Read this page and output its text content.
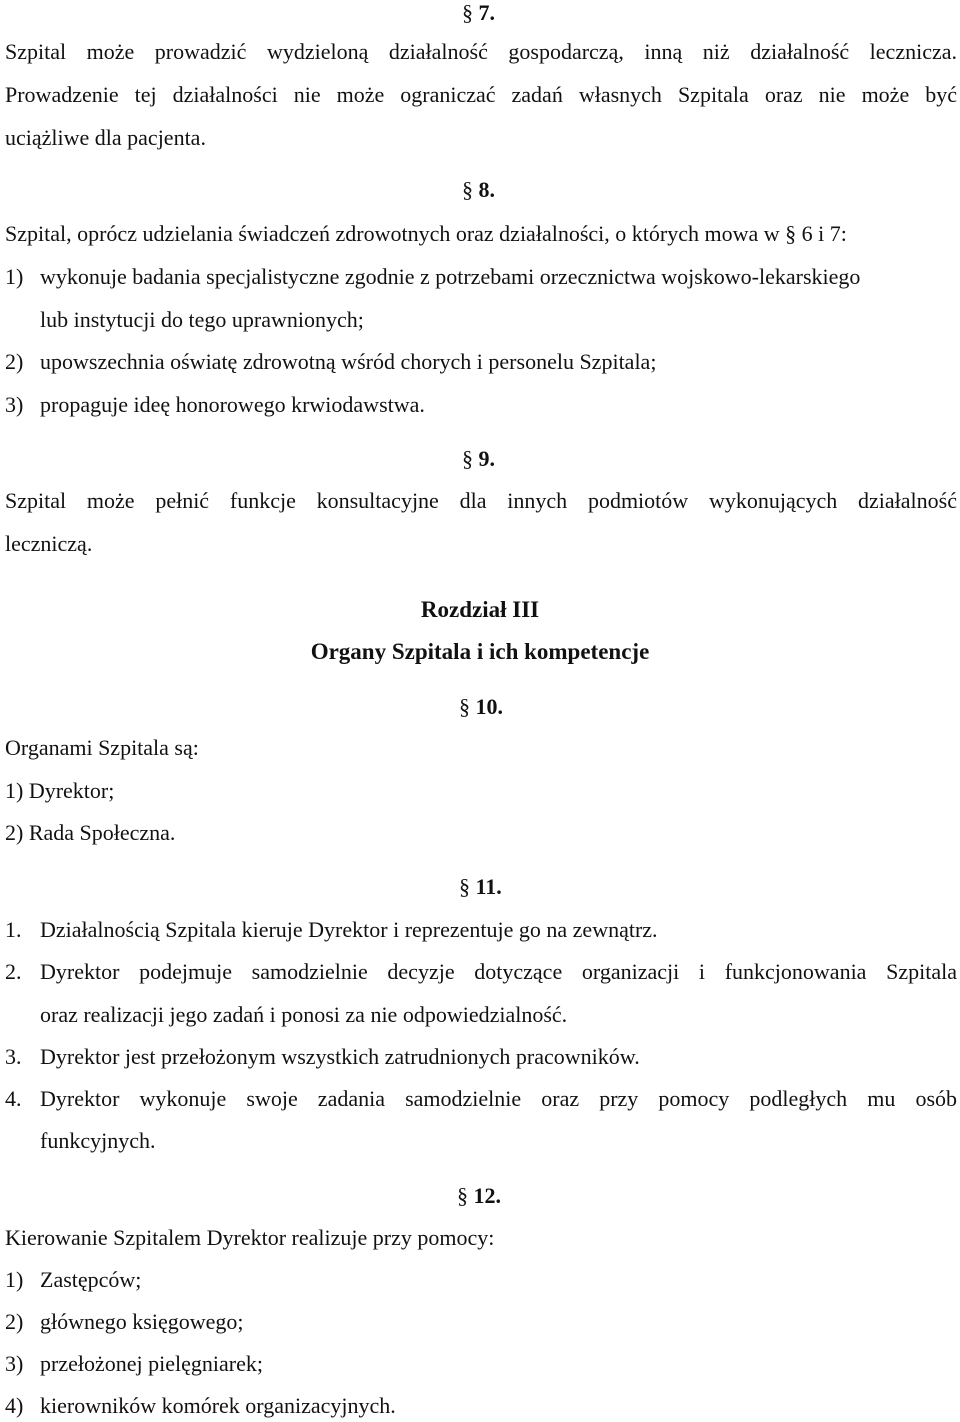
§ 7.
Szpital może prowadzić wydzieloną działalność gospodarczą, inną niż działalność lecznicza.
Prowadzenie tej działalności nie może ograniczać zadań własnych Szpitala oraz nie może być
uciążliwe dla pacjenta.
§ 8.
Szpital, oprócz udzielania świadczeń zdrowotnych oraz działalności, o których mowa w § 6 i 7:
1) wykonuje badania specjalistyczne zgodnie z potrzebami orzecznictwa wojskowo-lekarskiego
lub instytucji do tego uprawnionych;
2) upowszechnia oświatę zdrowotną wśród chorych i personelu Szpitala;
3) propaguje ideę honorowego krwiodawstwa.
§ 9.
Szpital może pełnić funkcje konsultacyjne dla innych podmiotów wykonujących działalność
leczniczą.
Rozdział III
Organy Szpitala i ich kompetencje
§ 10.
Organami Szpitala są:
1) Dyrektor;
2) Rada Społeczna.
§ 11.
1. Działalnością Szpitala kieruje Dyrektor i reprezentuje go na zewnątrz.
2. Dyrektor podejmuje samodzielnie decyzje dotyczące organizacji i funkcjonowania Szpitala
oraz realizacji jego zadań i ponosi za nie odpowiedzialność.
3. Dyrektor jest przełożonym wszystkich zatrudnionych pracowników.
4. Dyrektor wykonuje swoje zadania samodzielnie oraz przy pomocy podległych mu osób
funkcyjnych.
§ 12.
Kierowanie Szpitalem Dyrektor realizuje przy pomocy:
1) Zastępców;
2) głównego księgowego;
3) przełożonej pielęgniarek;
4) kierowników komórek organizacyjnych.
